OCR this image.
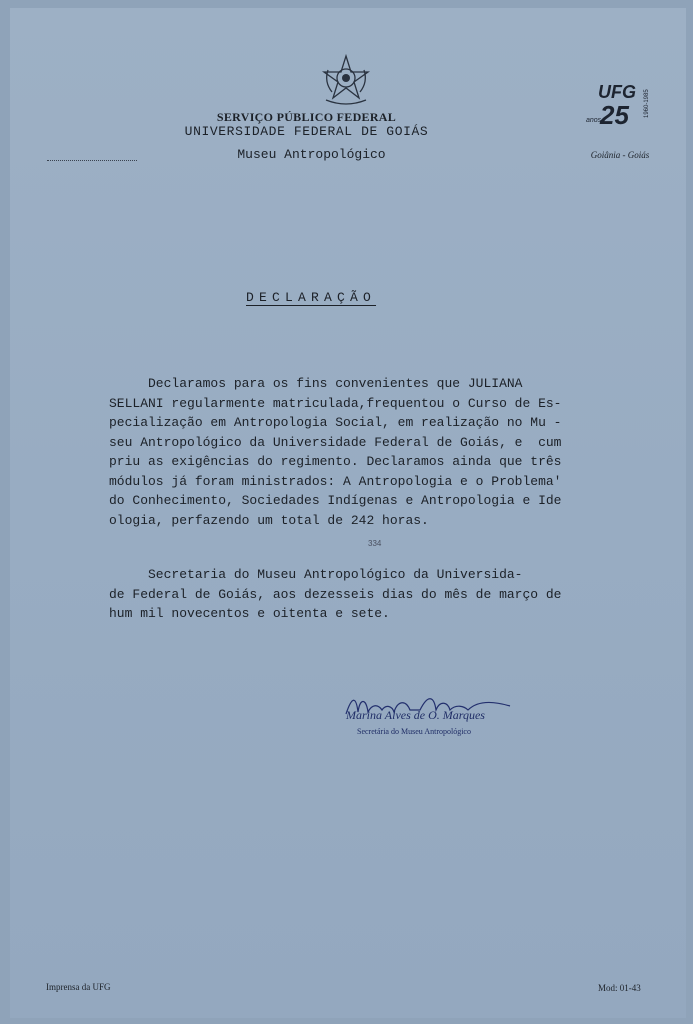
SERVIÇO PÚBLICO FEDERAL
UNIVERSIDADE FEDERAL DE GOIÁS
Museu Antropológico
UFG
25
anos
1960-1985
Goiânia - Goiás
DECLARAÇÃO
Declaramos para os fins convenientes que JULIANA
SELLANI regularmente matriculada,frequentou o Curso de Es-
pecialização em Antropologia Social, em realização no Mu -
seu Antropológico da Universidade Federal de Goiás, e  cum
priu as exigências do regimento. Declaramos ainda que três
módulos já foram ministrados: A Antropologia e o Problema'
do Conhecimento, Sociedades Indígenas e Antropologia e Ide
ologia, perfazendo um total de 242 horas.
334
Secretaria do Museu Antropológico da Universida-
de Federal de Goiás, aos dezesseis dias do mês de março de
hum mil novecentos e oitenta e sete.
Marina Alves de O. Marques
Secretária do Museu Antropológico
Imprensa da UFG	Mod: 01-43
